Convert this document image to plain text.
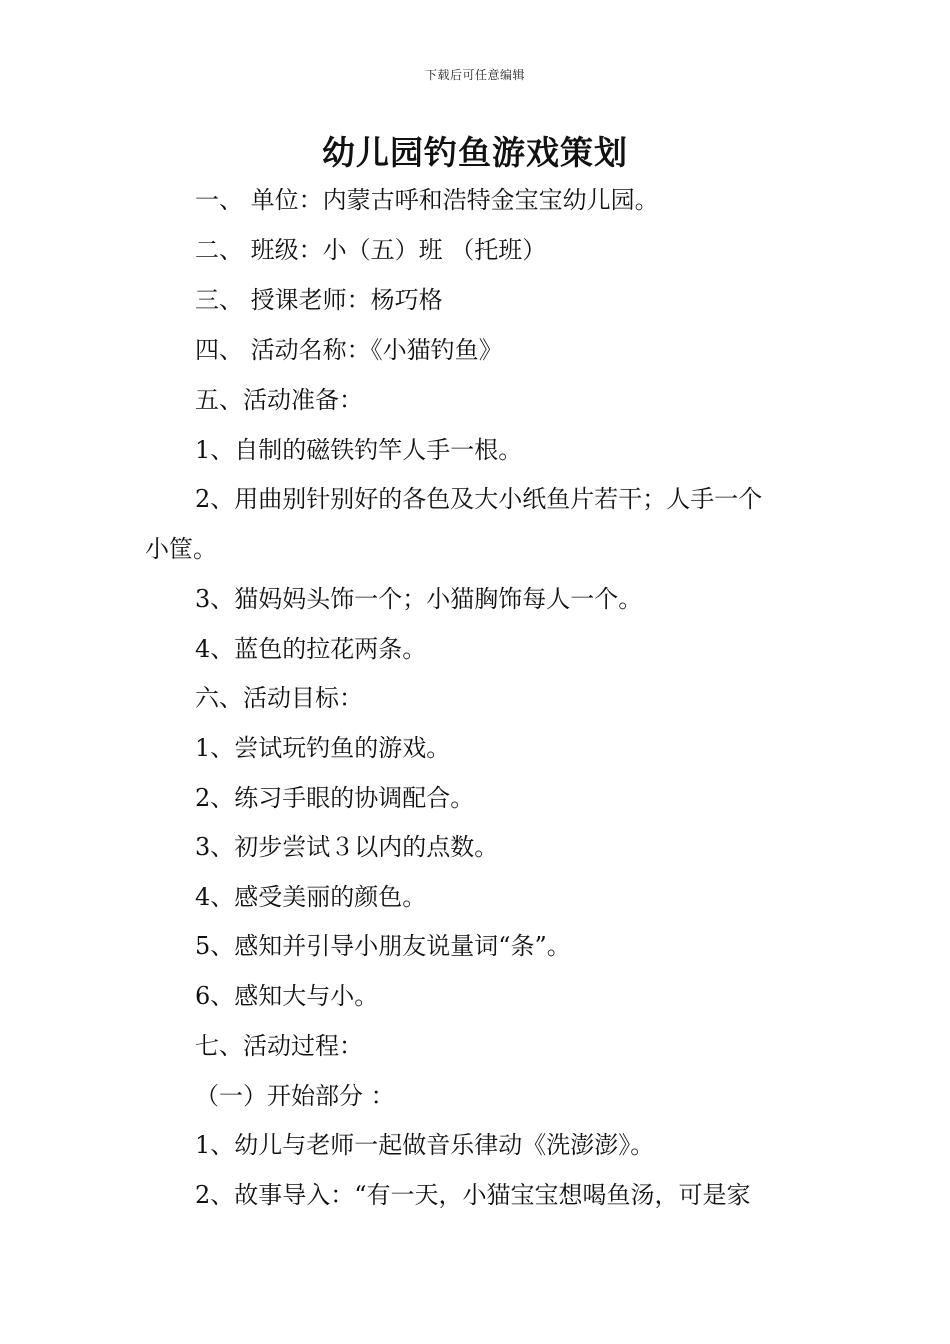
下载后可任意编辑
幼儿园钓鱼游戏策划
一、 单位：内蒙古呼和浩特金宝宝幼儿园。
二、 班级：小（五）班 （托班）
三、 授课老师：杨巧格
四、 活动名称：《小猫钓鱼》
五、活动准备：
1、自制的磁铁钓竿人手一根。
2、用曲别针别好的各色及大小纸鱼片若干；人手一个
小筐。
3、猫妈妈头饰一个；小猫胸饰每人一个。
4、蓝色的拉花两条。
六、活动目标：
1、尝试玩钓鱼的游戏。
2、练习手眼的协调配合。
3、初步尝试３以内的点数。
4、感受美丽的颜色。
5、感知并引导小朋友说量词“条”。
6、感知大与小。
七、活动过程：
（一）开始部分 ：
1、幼儿与老师一起做音乐律动《洗澎澎》。
2、故事导入：“有一天，小猫宝宝想喝鱼汤，可是家
